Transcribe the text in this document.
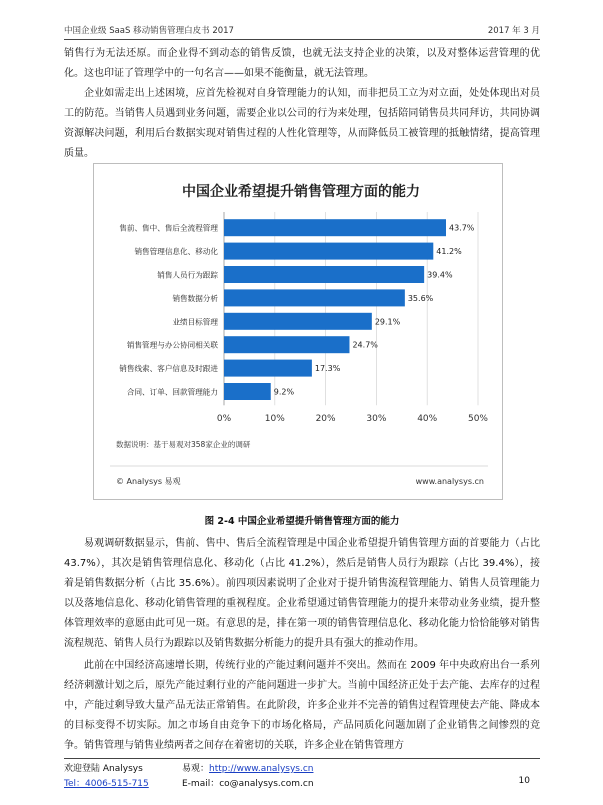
中国企业级 SaaS 移动销售管理白皮书 2017	2017 年 3 月

销售行为无法还原。而企业得不到动态的销售反馈，也就无法支持企业的决策，以及对整体运营管理的优化。这也印证了管理学中的一句名言——如果不能衡量，就无法管理。

企业如需走出上述困境，应首先检视对自身管理能力的认知，而非把员工立为对立面，处处体现出对员工的防范。当销售人员遇到业务问题，需要企业以公司的行为来处理，包括陪同销售员共同拜访，共同协调资源解决问题，利用后台数据实现对销售过程的人性化管理等，从而降低员工被管理的抵触情绪，提高管理质量。

中国企业希望提升销售管理方面的能力
售前、售中、售后全流程管理
销售管理信息化、移动化
销售人员行为跟踪
销售数据分析
业绩目标管理
销售管理与办公协同相关联
销售线索、客户信息及时跟进
合同、订单、回款管理能力
43.7%
41.2%
39.4%
35.6%
29.1%
24.7%
17.3%
9.2%
0%	10%	20%	30%	40%	50%
数据说明：基于易观对358家企业的调研
© Analysys 易观	www.analysys.cn
图 2-4 中国企业希望提升销售管理方面的能力

易观调研数据显示，售前、售中、售后全流程管理是中国企业希望提升销售管理方面的首要能力（占比 43.7%），其次是销售管理信息化、移动化（占比 41.2%），然后是销售人员行为跟踪（占比 39.4%），接着是销售数据分析（占比 35.6%）。前四项因素说明了企业对于提升销售流程管理能力、销售人员管理能力以及落地信息化、移动化销售管理的重视程度。企业希望通过销售管理能力的提升来带动业务业绩，提升整体管理效率的意愿由此可见一斑。有意思的是，排在第一项的销售管理信息化、移动化能力恰恰能够对销售流程规范、销售人员行为跟踪以及销售数据分析能力的提升具有强大的推动作用。

此前在中国经济高速增长期，传统行业的产能过剩问题并不突出。然而在 2009 年中央政府出台一系列经济刺激计划之后，原先产能过剩行业的产能问题进一步扩大。当前中国经济正处于去产能、去库存的过程中，产能过剩导致大量产品无法正常销售。在此阶段，许多企业并不完善的销售过程管理使去产能、降成本的目标变得不切实际。加之市场自由竞争下的市场化格局，产品同质化问题加剧了企业销售之间惨烈的竞争。销售管理与销售业绩两者之间存在着密切的关联，许多企业在销售管理方

欢迎登陆 Analysys	易观：http://www.analysys.cn
Tel：4006-515-715	E-mail：co@analysys.com.cn	10
